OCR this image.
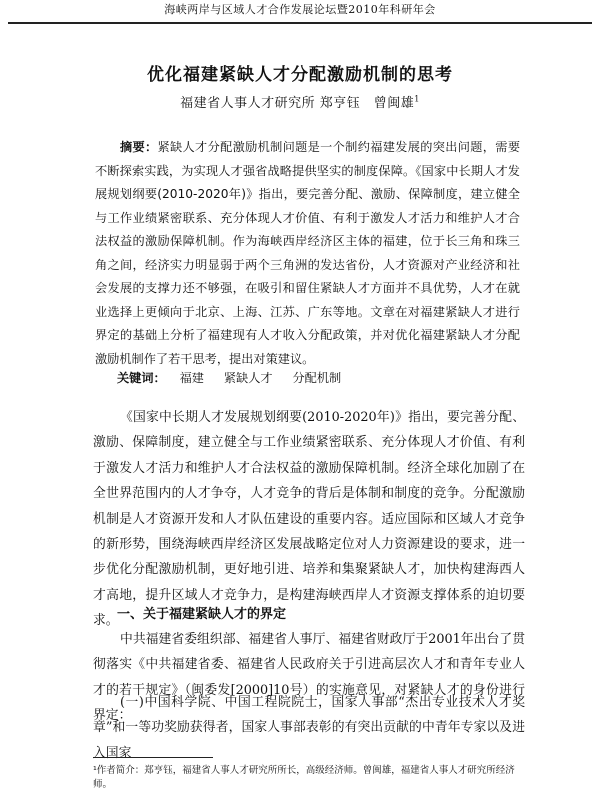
海峡两岸与区域人才合作发展论坛暨2010年科研年会
优化福建紧缺人才分配激励机制的思考
福建省人事人才研究所 郑亨钰　曾闽雄$^1$

摘要：紧缺人才分配激励机制问题是一个制约福建发展的突出问题，需要不断探索实践，为实现人才强省战略提供坚实的制度保障。《国家中长期人才发展规划纲要(2010-2020年)》指出，要完善分配、激励、保障制度，建立健全与工作业绩紧密联系、充分体现人才价值、有利于激发人才活力和维护人才合法权益的激励保障机制。作为海峡西岸经济区主体的福建，位于长三角和珠三角之间，经济实力明显弱于两个三角洲的发达省份，人才资源对产业经济和社会发展的支撑力还不够强，在吸引和留住紧缺人才方面并不具优势，人才在就业选择上更倾向于北京、上海、江苏、广东等地。文章在对福建紧缺人才进行界定的基础上分析了福建现有人才收入分配政策，并对优化福建紧缺人才分配激励机制作了若干思考，提出对策建议。

关键词： 福建 紧缺人才 分配机制

《国家中长期人才发展规划纲要(2010-2020年)》指出，要完善分配、激励、保障制度，建立健全与工作业绩紧密联系、充分体现人才价值、有利于激发人才活力和维护人才合法权益的激励保障机制。经济全球化加剧了在全世界范围内的人才争夺，人才竞争的背后是体制和制度的竞争。分配激励机制是人才资源开发和人才队伍建设的重要内容。适应国际和区域人才竞争的新形势，围绕海峡西岸经济区发展战略定位对人力资源建设的要求，进一步优化分配激励机制，更好地引进、培养和集聚紧缺人才，加快构建海西人才高地，提升区域人才竞争力，是构建海峡西岸人才资源支撑体系的迫切要求。

一、关于福建紧缺人才的界定

中共福建省委组织部、福建省人事厅、福建省财政厅于2001年出台了贯彻落实《中共福建省委、福建省人民政府关于引进高层次人才和青年专业人才的若干规定》（闽委发[2000]10号）的实施意见，对紧缺人才的身份进行界定：

(一)中国科学院、中国工程院院士，国家人事部“杰出专业技术人才奖章”和一等功奖励获得者，国家人事部表彰的有突出贡献的中青年专家以及进入国家

¹作者简介：郑亨钰，福建省人事人才研究所所长，高级经济师。曾闽雄，福建省人事人才研究所经济师。
